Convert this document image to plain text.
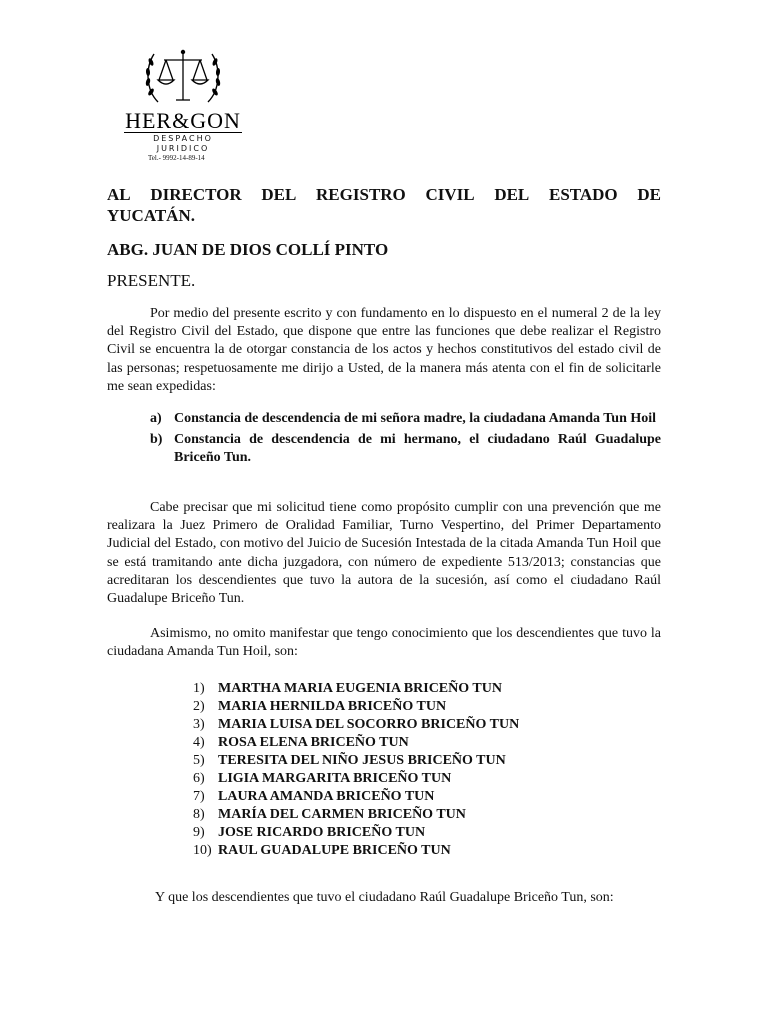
HER&GON
DESPACHO
JURIDICO
Tel.- 9992-14-89-14
AL DIRECTOR DEL REGISTRO CIVIL DEL ESTADO DE
YUCATÁN.
ABG. JUAN DE DIOS COLLÍ PINTO
PRESENTE.
Por medio del presente escrito y con fundamento en lo dispuesto en el numeral 2 de la ley del Registro Civil del Estado, que dispone que entre las funciones que debe realizar el Registro Civil se encuentra la de otorgar constancia de los actos y hechos constitutivos del estado civil de las personas; respetuosamente me dirijo a Usted, de la manera más atenta con el fin de solicitarle me sean expedidas:
a) Constancia de descendencia de mi señora madre, la ciudadana Amanda Tun Hoil
b) Constancia de descendencia de mi hermano, el ciudadano Raúl Guadalupe Briceño Tun.
Cabe precisar que mi solicitud tiene como propósito cumplir con una prevención que me realizara la Juez Primero de Oralidad Familiar, Turno Vespertino, del Primer Departamento Judicial del Estado, con motivo del Juicio de Sucesión Intestada de la citada Amanda Tun Hoil que se está tramitando ante dicha juzgadora, con número de expediente 513/2013; constancias que acreditaran los descendientes que tuvo la autora de la sucesión, así como el ciudadano Raúl Guadalupe Briceño Tun.
Asimismo, no omito manifestar que tengo conocimiento que los descendientes que tuvo la ciudadana Amanda Tun Hoil, son:
1) MARTHA MARIA EUGENIA BRICEÑO TUN
2) MARIA HERNILDA BRICEÑO TUN
3) MARIA LUISA DEL SOCORRO BRICEÑO TUN
4) ROSA ELENA BRICEÑO TUN
5) TERESITA DEL NIÑO JESUS BRICEÑO TUN
6) LIGIA MARGARITA BRICEÑO TUN
7) LAURA AMANDA BRICEÑO TUN
8) MARÍA DEL CARMEN BRICEÑO TUN
9) JOSE RICARDO BRICEÑO TUN
10) RAUL GUADALUPE BRICEÑO TUN
Y que los descendientes que tuvo el ciudadano Raúl Guadalupe Briceño Tun, son:
